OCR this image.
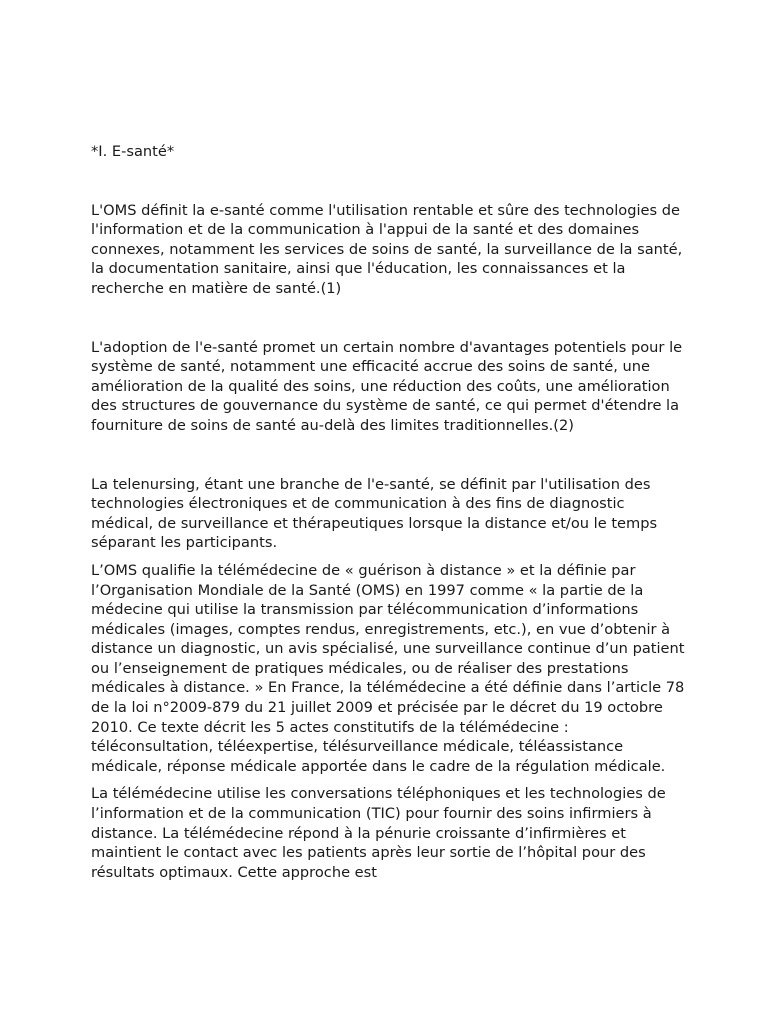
*I. E-santé*

L'OMS définit la e-santé comme l'utilisation rentable et sûre des technologies de l'information et de la communication à l'appui de la santé et des domaines connexes, notamment les services de soins de santé, la surveillance de la santé, la documentation sanitaire, ainsi que l'éducation, les connaissances et la recherche en matière de santé.(1)

L'adoption de l'e-santé promet un certain nombre d'avantages potentiels pour le système de santé, notamment une efficacité accrue des soins de santé, une amélioration de la qualité des soins, une réduction des coûts, une amélioration des structures de gouvernance du système de santé, ce qui permet d'étendre la fourniture de soins de santé au-delà des limites traditionnelles.(2)

La telenursing, étant une branche de l'e-santé, se définit par l'utilisation des technologies électroniques et de communication à des fins de diagnostic médical, de surveillance et thérapeutiques lorsque la distance et/ou le temps séparant les participants.

L’OMS qualifie la télémédecine de « guérison à distance » et la définie par l’Organisation Mondiale de la Santé (OMS) en 1997 comme « la partie de la médecine qui utilise la transmission par télécommunication d’informations médicales (images, comptes rendus, enregistrements, etc.), en vue d’obtenir à distance un diagnostic, un avis spécialisé, une surveillance continue d’un patient ou l’enseignement de pratiques médicales, ou de réaliser des prestations médicales à distance. » En France, la télémédecine a été définie dans l’article 78 de la loi n°2009-879 du 21 juillet 2009 et précisée par le décret du 19 octobre 2010. Ce texte décrit les 5 actes constitutifs de la télémédecine : téléconsultation, téléexpertise, télésurveillance médicale, téléassistance médicale, réponse médicale apportée dans le cadre de la régulation médicale.

La télémédecine utilise les conversations téléphoniques et les technologies de l’information et de la communication (TIC) pour fournir des soins infirmiers à distance. La télémédecine répond à la pénurie croissante d’infirmières et maintient le contact avec les patients après leur sortie de l’hôpital pour des résultats optimaux. Cette approche est
